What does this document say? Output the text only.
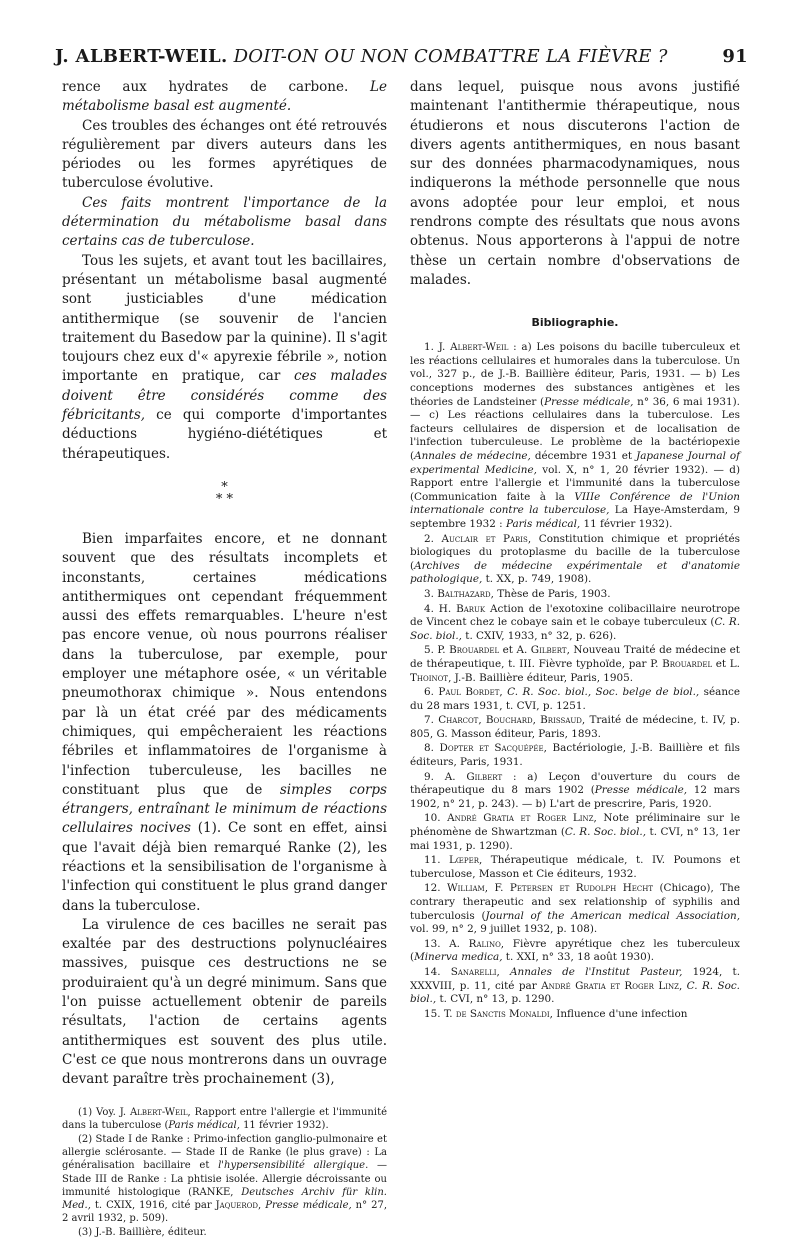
J. ALBERT-WEIL. DOIT-ON OU NON COMBATTRE LA FIÈVRE ?	91

rence aux hydrates de carbone. Le métabolisme basal est augmenté.

Ces troubles des échanges ont été retrouvés régulièrement par divers auteurs dans les périodes ou les formes apyrétiques de tuberculose évolutive.

Ces faits montrent l'importance de la détermination du métabolisme basal dans certains cas de tuberculose.

Tous les sujets, et avant tout les bacillaires, présentant un métabolisme basal augmenté sont justiciables d'une médication antithermique (se souvenir de l'ancien traitement du Basedow par la quinine). Il s'agit toujours chez eux d'« apyrexie fébrile », notion importante en pratique, car ces malades doivent être considérés comme des fébricitants, ce qui comporte d'importantes déductions hygiéno-diététiques et thérapeutiques.

*
* *

Bien imparfaites encore, et ne donnant souvent que des résultats incomplets et inconstants, certaines médications antithermiques ont cependant fréquemment aussi des effets remarquables. L'heure n'est pas encore venue, où nous pourrons réaliser dans la tuberculose, par exemple, pour employer une métaphore osée, « un véritable pneumothorax chimique ». Nous entendons par là un état créé par des médicaments chimiques, qui empêcheraient les réactions fébriles et inflammatoires de l'organisme à l'infection tuberculeuse, les bacilles ne constituant plus que de simples corps étrangers, entraînant le minimum de réactions cellulaires nocives (1). Ce sont en effet, ainsi que l'avait déjà bien remarqué Ranke (2), les réactions et la sensibilisation de l'organisme à l'infection qui constituent le plus grand danger dans la tuberculose.

La virulence de ces bacilles ne serait pas exaltée par des destructions polynucléaires massives, puisque ces destructions ne se produiraient qu'à un degré minimum. Sans que l'on puisse actuellement obtenir de pareils résultats, l'action de certains agents antithermiques est souvent des plus utile. C'est ce que nous montrerons dans un ouvrage devant paraître très prochainement (3),

(1) Voy. J. Albert-Weil, Rapport entre l'allergie et l'immunité dans la tuberculose (Paris médical, 11 février 1932).

(2) Stade I de Ranke : Primo-infection ganglio-pulmonaire et allergie sclérosante. — Stade II de Ranke (le plus grave) : La généralisation bacillaire et l'hypersensibilité allergique. — Stade III de Ranke : La phtisie isolée. Allergie décroissante ou immunité histologique (RANKE, Deutsches Archiv für klin. Med., t. CXIX, 1916, cité par Jaquerod, Presse médicale, n° 27, 2 avril 1932, p. 509).

(3) J.-B. Baillière, éditeur.

dans lequel, puisque nous avons justifié maintenant l'antithermie thérapeutique, nous étudierons et nous discuterons l'action de divers agents antithermiques, en nous basant sur des données pharmacodynamiques, nous indiquerons la méthode personnelle que nous avons adoptée pour leur emploi, et nous rendrons compte des résultats que nous avons obtenus. Nous apporterons à l'appui de notre thèse un certain nombre d'observations de malades.

Bibliographie.

1. J. Albert-Weil : a) Les poisons du bacille tuberculeux et les réactions cellulaires et humorales dans la tuberculose. Un vol., 327 p., de J.-B. Baillière éditeur, Paris, 1931. — b) Les conceptions modernes des substances antigènes et les théories de Landsteiner (Presse médicale, n° 36, 6 mai 1931). — c) Les réactions cellulaires dans la tuberculose. Les facteurs cellulaires de dispersion et de localisation de l'infection tuberculeuse. Le problème de la bactériopexie (Annales de médecine, décembre 1931 et Japanese Journal of experimental Medicine, vol. X, n° 1, 20 février 1932). — d) Rapport entre l'allergie et l'immunité dans la tuberculose (Communication faite à la VIIIe Conférence de l'Union internationale contre la tuberculose, La Haye-Amsterdam, 9 septembre 1932 : Paris médical, 11 février 1932).

2. Auclair et Paris, Constitution chimique et propriétés biologiques du protoplasme du bacille de la tuberculose (Archives de médecine expérimentale et d'anatomie pathologique, t. XX, p. 749, 1908).

3. Balthazard, Thèse de Paris, 1903.

4. H. Baruk Action de l'exotoxine colibacillaire neurotrope de Vincent chez le cobaye sain et le cobaye tuberculeux (C. R. Soc. biol., t. CXIV, 1933, n° 32, p. 626).

5. P. Brouardel et A. Gilbert, Nouveau Traité de médecine et de thérapeutique, t. III. Fièvre typhoïde, par P. Brouardel et L. Thoinot, J.-B. Baillière éditeur, Paris, 1905.

6. Paul Bordet, C. R. Soc. biol., Soc. belge de biol., séance du 28 mars 1931, t. CVI, p. 1251.

7. Charcot, Bouchard, Brissaud, Traité de médecine, t. IV, p. 805, G. Masson éditeur, Paris, 1893.

8. Dopter et Sacquépée, Bactériologie, J.-B. Baillière et fils éditeurs, Paris, 1931.

9. A. Gilbert : a) Leçon d'ouverture du cours de thérapeutique du 8 mars 1902 (Presse médicale, 12 mars 1902, n° 21, p. 243). — b) L'art de prescrire, Paris, 1920.

10. André Gratia et Roger Linz, Note préliminaire sur le phénomène de Shwartzman (C. R. Soc. biol., t. CVI, n° 13, 1er mai 1931, p. 1290).

11. Lœper, Thérapeutique médicale, t. IV. Poumons et tuberculose, Masson et Cie éditeurs, 1932.

12. William, F. Petersen et Rudolph Hecht (Chicago), The contrary therapeutic and sex relationship of syphilis and tuberculosis (Journal of the American medical Association, vol. 99, n° 2, 9 juillet 1932, p. 108).

13. A. Ralino, Fièvre apyrétique chez les tuberculeux (Minerva medica, t. XXI, n° 33, 18 août 1930).

14. Sanarelli, Annales de l'Institut Pasteur, 1924, t. XXXVIII, p. 11, cité par André Gratia et Roger Linz, C. R. Soc. biol., t. CVI, n° 13, p. 1290.

15. T. de Sanctis Monaldi, Influence d'une infection
